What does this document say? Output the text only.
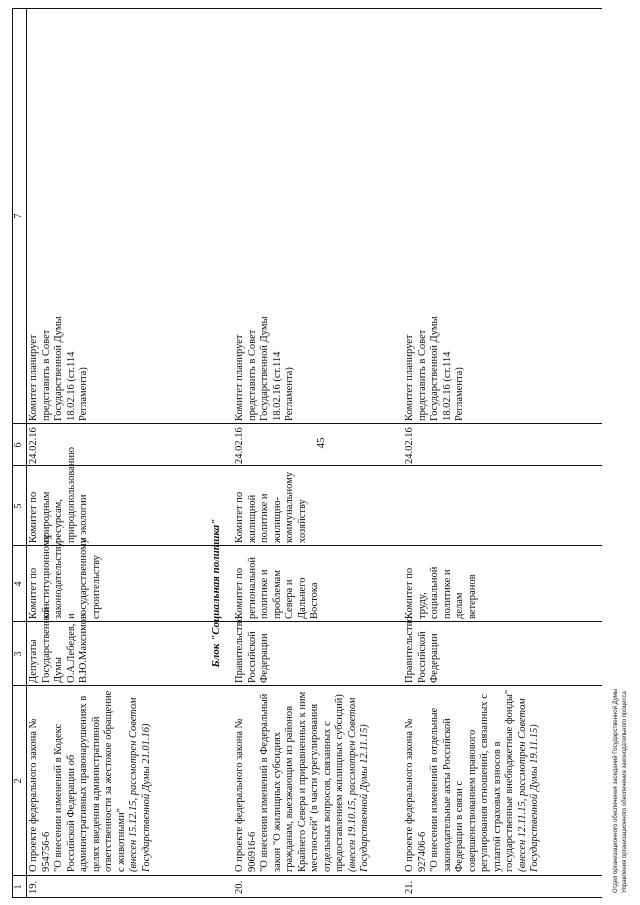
45
1
2
3
4
5
6
7
19.
О проекте федерального закона № 954756-6 "О внесении изменений в Кодекс Российской Федерации об административных правонарушениях в целях введения административной ответственности за жестокое обращение с животными" (внесен 15.12.15, рассмотрен Советом Государственной Думы 21.01.16)
Депутаты Государственной Думы О.А.Лебедев, В.Ю.Максимов
Комитет по конституционному законодательству и государственному строительству
Комитет по природным ресурсам, природопользованию и экологии
24.02.16
Комитет планирует представить в Совет Государственной Думы 18.02.16 (ст.114 Регламента)
Блок "Социальная политика"
20.
О проекте федерального закона № 906916-6 "О внесении изменений в Федеральный закон "О жилищных субсидиях гражданам, выезжающим из районов Крайнего Севера и приравненных к ним местностей" (в части урегулирования отдельных вопросов, связанных с предоставлением жилищных субсидий) (внесен 19.10.15, рассмотрен Советом Государственной Думы 12.11.15)
Правительство Российской Федерации
Комитет по региональной политике и проблемам Севера и Дальнего Востока
Комитет по жилищной политике и жилищно-коммунальному хозяйству
24.02.16
Комитет планирует представить в Совет Государственной Думы 18.02.16 (ст.114 Регламента)
21.
О проекте федерального закона № 927406-6 "О внесении изменений в отдельные законодательные акты Российской Федерации в связи с совершенствованием правового регулирования отношений, связанных с уплатой страховых взносов в государственные внебюджетные фонды" (внесен 12.11.15, рассмотрен Советом Государственной Думы 19.11.15)
Правительство Российской Федерации
Комитет по труду, социальной политике и делам ветеранов
24.02.16
Комитет планирует представить в Совет Государственной Думы 18.02.16 (ст.114 Регламента)
Отдел организационного обеспечения заседаний Государственной Думы Управления организационного обеспечения законодательного процесса
